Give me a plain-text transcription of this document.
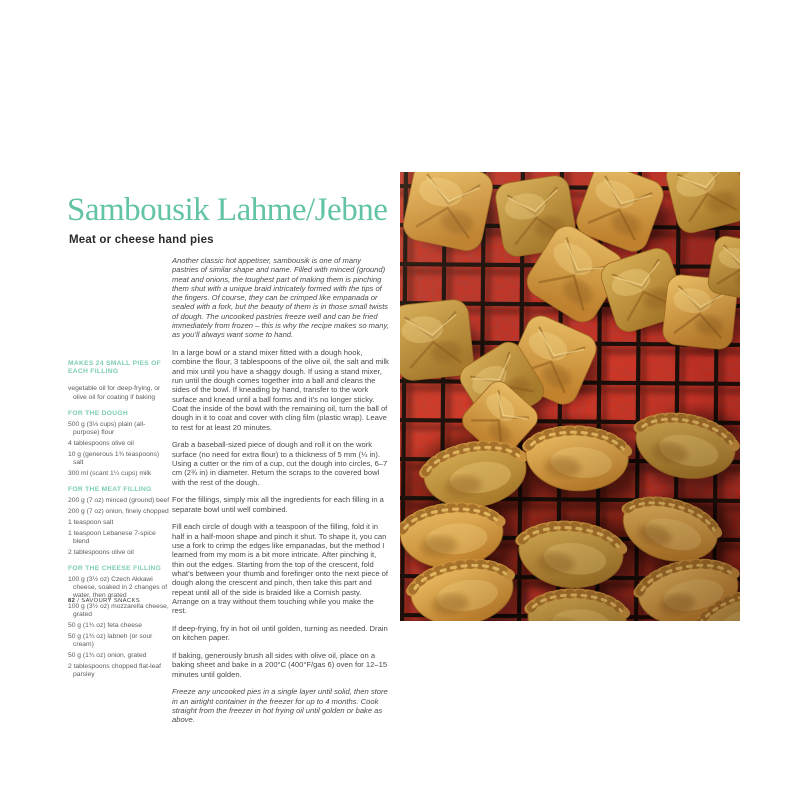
Sambousik Lahme/Jebne
Meat or cheese hand pies

MAKES 24 SMALL PIES OF EACH FILLING

vegetable oil for deep-frying, or olive oil for coating if baking

FOR THE DOUGH

500 g (3⅓ cups) plain (all-purpose) flour

4 tablespoons olive oil

10 g (generous 1¾ teaspoons) salt

300 ml (scant 1¼ cups) milk

FOR THE MEAT FILLING

200 g (7 oz) minced (ground) beef

200 g (7 oz) onion, finely chopped

1 teaspoon salt

1 teaspoon Lebanese 7-spice blend

2 tablespoons olive oil

FOR THE CHEESE FILLING

100 g (3½ oz) Czech Akkawi cheese, soaked in 2 changes of water, then grated

100 g (3½ oz) mozzarella cheese, grated

50 g (1¾ oz) feta cheese

50 g (1¾ oz) labneh (or sour cream)

50 g (1¾ oz) onion, grated

2 tablespoons chopped flat-leaf parsley

Another classic hot appetiser, sambousik is one of many pastries of similar shape and name. Filled with minced (ground) meat and onions, the toughest part of making them is pinching them shut with a unique braid intricately formed with the tips of the fingers. Of course, they can be crimped like empanada or sealed with a fork, but the beauty of them is in those small twists of dough. The uncooked pastries freeze well and can be fried immediately from frozen – this is why the recipe makes so many, as you’ll always want some to hand.

In a large bowl or a stand mixer fitted with a dough hook, combine the flour, 3 tablespoons of the olive oil, the salt and milk and mix until you have a shaggy dough. If using a stand mixer, run until the dough comes together into a ball and cleans the sides of the bowl. If kneading by hand, transfer to the work surface and knead until a ball forms and it’s no longer sticky. Coat the inside of the bowl with the remaining oil, turn the ball of dough in it to coat and cover with cling film (plastic wrap). Leave to rest for at least 20 minutes.

Grab a baseball-sized piece of dough and roll it on the work surface (no need for extra flour) to a thickness of 5 mm (¼ in). Using a cutter or the rim of a cup, cut the dough into circles, 6–7 cm (2¾ in) in diameter. Return the scraps to the covered bowl with the rest of the dough.

For the fillings, simply mix all the ingredients for each filling in a separate bowl until well combined.

Fill each circle of dough with a teaspoon of the filling, fold it in half in a half-moon shape and pinch it shut. To shape it, you can use a fork to crimp the edges like empanadas, but the method I learned from my mom is a bit more intricate. After pinching it, thin out the edges. Starting from the top of the crescent, fold what’s between your thumb and forefinger onto the next piece of dough along the crescent and pinch, then take this part and repeat until all of the side is braided like a Cornish pasty. Arrange on a tray without them touching while you make the rest.

If deep-frying, fry in hot oil until golden, turning as needed. Drain on kitchen paper.

If baking, generously brush all sides with olive oil, place on a baking sheet and bake in a 200°C (400°F/gas 6) oven for 12–15 minutes until golden.

Freeze any uncooked pies in a single layer until solid, then store in an airtight container in the freezer for up to 4 months. Cook straight from the freezer in hot frying oil until golden or bake as above.

82 / SAVOURY SNACKS
